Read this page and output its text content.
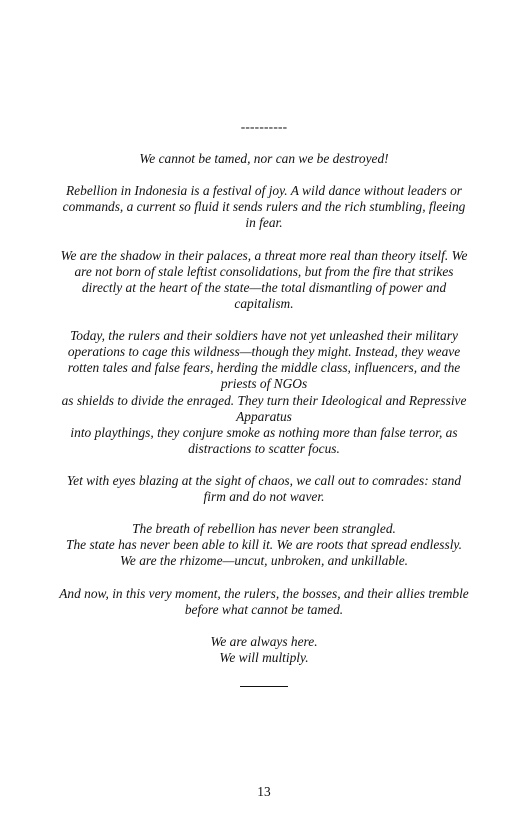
----------

We cannot be tamed, nor can we be destroyed!

Rebellion in Indonesia is a festival of joy. A wild dance without leaders or commands, a current so fluid it sends rulers and the rich stumbling, fleeing in fear.

We are the shadow in their palaces, a threat more real than theory itself. We are not born of stale leftist consolidations, but from the fire that strikes directly at the heart of the state—the total dismantling of power and capitalism.

Today, the rulers and their soldiers have not yet unleashed their military operations to cage this wildness—though they might. Instead, they weave rotten tales and false fears, herding the middle class, influencers, and the priests of NGOs
as shields to divide the enraged. They turn their Ideological and Repressive Apparatus
into playthings, they conjure smoke as nothing more than false terror, as distractions to scatter focus.

Yet with eyes blazing at the sight of chaos, we call out to comrades: stand firm and do not waver.

The breath of rebellion has never been strangled.
The state has never been able to kill it. We are roots that spread endlessly. We are the rhizome—uncut, unbroken, and unkillable.

And now, in this very moment, the rulers, the bosses, and their allies tremble before what cannot be tamed.

We are always here.
We will multiply.

13
